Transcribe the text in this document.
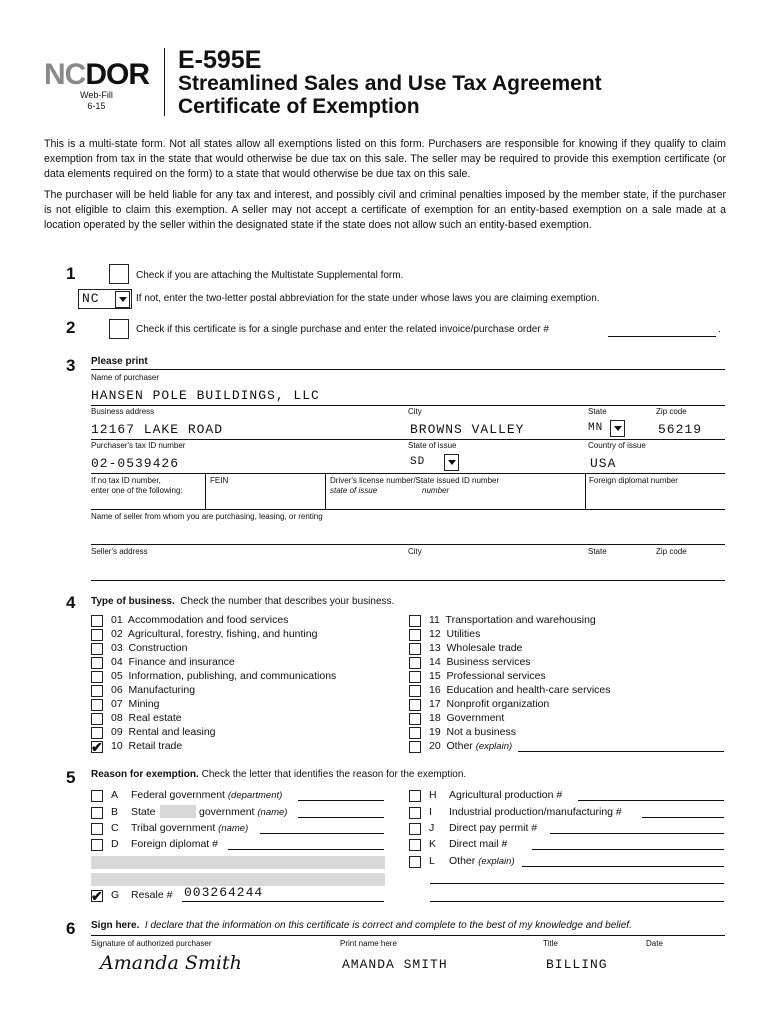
NCDOR
Web-Fill
6-15
E-595E
Streamlined Sales and Use Tax Agreement
Certificate of Exemption
This is a multi-state form. Not all states allow all exemptions listed on this form. Purchasers are responsible for knowing if they qualify to claim exemption from tax in the state that would otherwise be due tax on this sale. The seller may be required to provide this exemption certificate (or data elements required on the form) to a state that would otherwise be due tax on this sale.
The purchaser will be held liable for any tax and interest, and possibly civil and criminal penalties imposed by the member state, if the purchaser is not eligible to claim this exemption. A seller may not accept a certificate of exemption for an entity-based exemption on a sale made at a location operated by the seller within the designated state if the state does not allow such an entity-based exemption.
1	Check if you are attaching the Multistate Supplemental form.
NC	If not, enter the two-letter postal abbreviation for the state under whose laws you are claiming exemption.
2	Check if this certificate is for a single purchase and enter the related invoice/purchase order #	.
3 Please print
Name of purchaser
HANSEN POLE BUILDINGS, LLC
Business address	City	State	Zip code
12167 LAKE ROAD	BROWNS VALLEY	MN	56219
Purchaser's tax ID number	State of issue	Country of issue
02-0539426	SD	USA
If no tax ID number,
enter one of the following:
FEIN	Driver's license number/State issued ID number
state of issue	number
Foreign diplomat number
Name of seller from whom you are purchasing, leasing, or renting
Seller's address	City	State	Zip code
4 Type of business. Check the number that describes your business.
01  Accommodation and food services
02  Agricultural, forestry, fishing, and hunting
03  Construction
04  Finance and insurance
05  Information, publishing, and communications
06  Manufacturing
07  Mining
08  Real estate
09  Rental and leasing
✔ 10  Retail trade
11  Transportation and warehousing
12  Utilities
13  Wholesale trade
14  Business services
15  Professional services
16  Education and health-care services
17  Nonprofit organization
18  Government
19  Not a business
20  Other (explain)
5 Reason for exemption. Check the letter that identifies the reason for the exemption.
A Federal government (department)
B State	government (name)
C Tribal government (name)
D Foreign diplomat #
✔ G Resale # 003264244
H Agricultural production #
I Industrial production/manufacturing #
J Direct pay permit #
K Direct mail #
L Other (explain)
6 Sign here. I declare that the information on this certificate is correct and complete to the best of my knowledge and belief.
Signature of authorized purchaser	Print name here	Title	Date
Amanda Smith	AMANDA SMITH	BILLING
